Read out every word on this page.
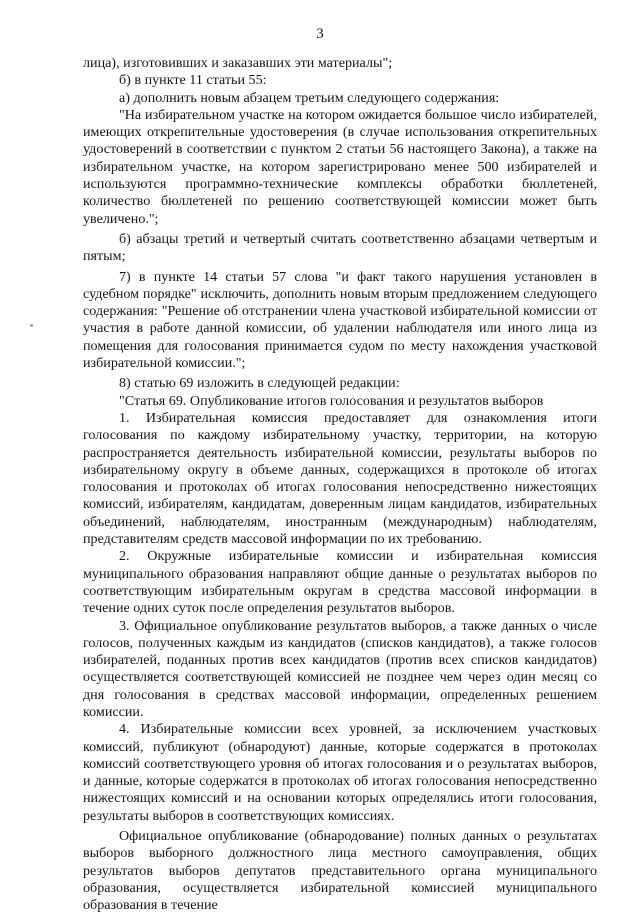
3

лица), изготовивших и заказавших эти материалы";

б) в пункте 11 статьи 55:

а) дополнить новым абзацем третьим следующего содержания:

"На избирательном участке на котором ожидается большое число избирателей, имеющих открепительные удостоверения (в случае использования открепительных удостоверений в соответствии с пунктом 2 статьи 56 настоящего Закона), а также на избирательном участке, на котором зарегистрировано менее 500 избирателей и используются программно-технические комплексы обработки бюллетеней, количество бюллетеней по решению соответствующей комиссии может быть увеличено.";

б) абзацы третий и четвертый считать соответственно абзацами четвертым и пятым;

7) в пункте 14 статьи 57 слова "и факт такого нарушения установлен в судебном порядке" исключить, дополнить новым вторым предложением следующего содержания: "Решение об отстранении члена участковой избирательной комиссии от участия в работе данной комиссии, об удалении наблюдателя или иного лица из помещения для голосования принимается судом по месту нахождения участковой избирательной комиссии.";

8) статью 69 изложить в следующей редакции:

"Статья 69. Опубликование итогов голосования и результатов выборов

1. Избирательная комиссия предоставляет для ознакомления итоги голосования по каждому избирательному участку, территории, на которую распространяется деятельность избирательной комиссии, результаты выборов по избирательному округу в объеме данных, содержащихся в протоколе об итогах голосования и протоколах об итогах голосования непосредственно нижестоящих комиссий, избирателям, кандидатам, доверенным лицам кандидатов, избирательных объединений, наблюдателям, иностранным (международным) наблюдателям, представителям средств массовой информации по их требованию.

2. Окружные избирательные комиссии и избирательная комиссия муниципального образования направляют общие данные о результатах выборов по соответствующим избирательным округам в средства массовой информации в течение одних суток после определения результатов выборов.

3. Официальное опубликование результатов выборов, а также данных о числе голосов, полученных каждым из кандидатов (списков кандидатов), а также голосов избирателей, поданных против всех кандидатов (против всех списков кандидатов) осуществляется соответствующей комиссией не позднее чем через один месяц со дня голосования в средствах массовой информации, определенных решением комиссии.

4. Избирательные комиссии всех уровней, за исключением участковых комиссий, публикуют (обнародуют) данные, которые содержатся в протоколах комиссий соответствующего уровня об итогах голосования и о результатах выборов, и данные, которые содержатся в протоколах об итогах голосования непосредственно нижестоящих комиссий и на основании которых определялись итоги голосования, результаты выборов в соответствующих комиссиях.

Официальное опубликование (обнародование) полных данных о результатах выборов выборного должностного лица местного самоуправления, общих результатов выборов депутатов представительного органа муниципального образования, осуществляется избирательной комиссией муниципального образования в течение
